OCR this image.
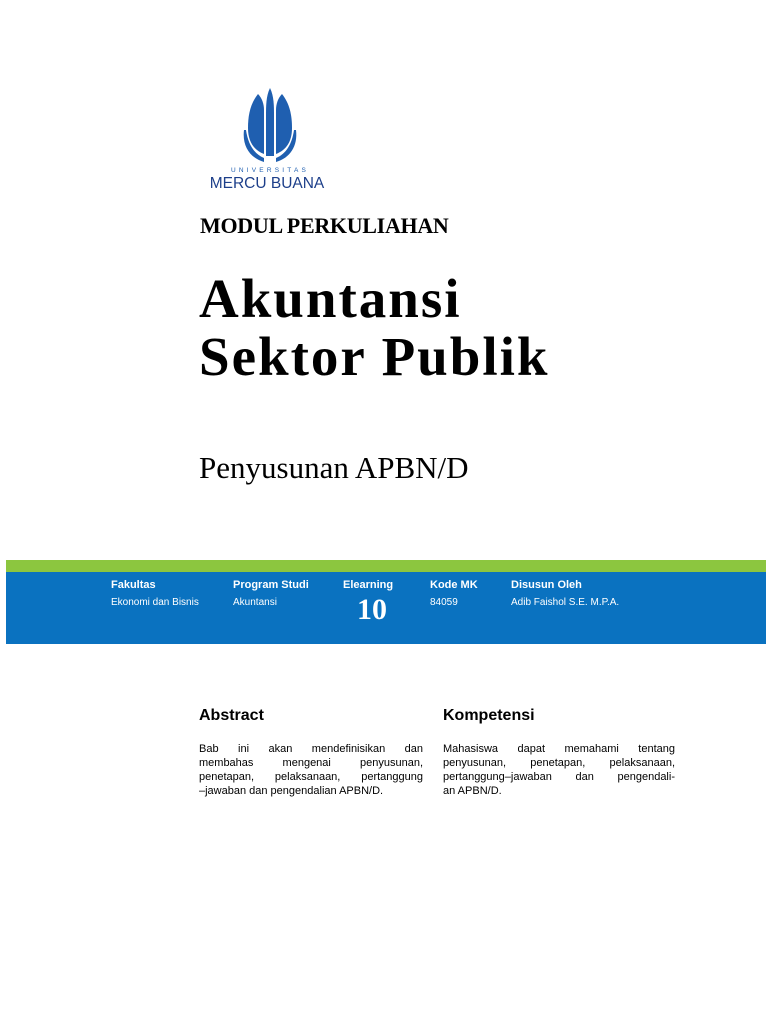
UNIVERSITAS
MERCU BUANA
MODUL PERKULIAHAN
Akuntansi
Sektor Publik
Penyusunan APBN/D
Fakultas
Ekonomi dan Bisnis
Program Studi
Akuntansi
Elearning
10
Kode MK
84059
Disusun Oleh
Adib Faishol S.E. M.P.A.
Abstract
Bab ini akan mendefinisikan dan
membahas mengenai penyusunan,
penetapan, pelaksanaan, pertanggung
–jawaban dan pengendalian APBN/D.
Kompetensi
Mahasiswa dapat memahami tentang
penyusunan, penetapan, pelaksanaan,
pertanggung–jawaban dan pengendali-
an APBN/D.
